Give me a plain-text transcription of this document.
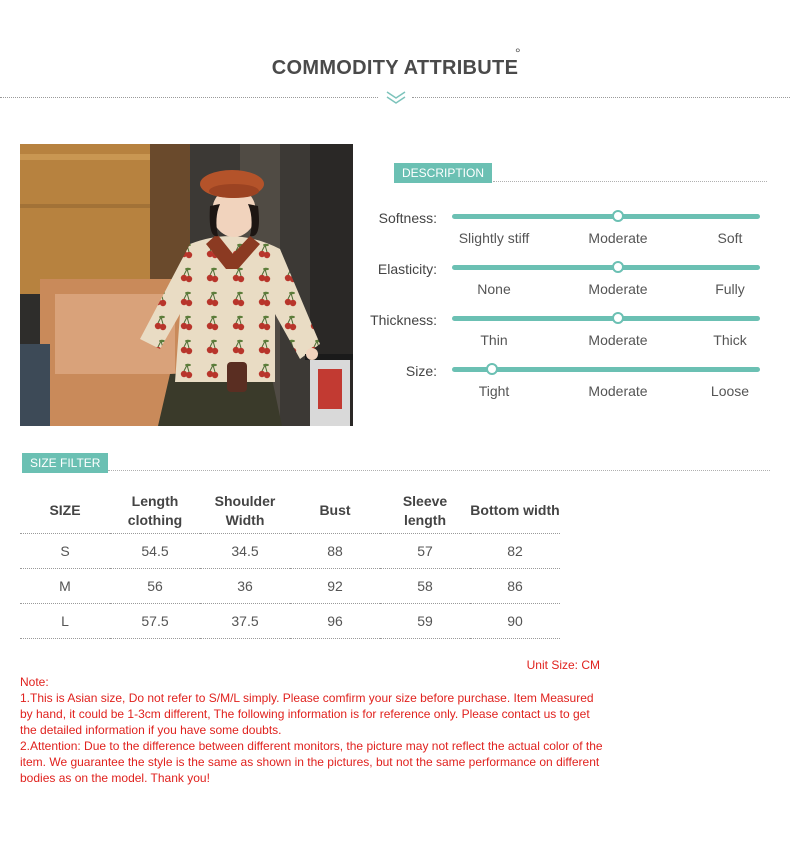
COMMODITY ATTRIBUTE
°
DESCRIPTION
Softness:
Slightly stiff	Moderate	Soft
Elasticity:
None	Moderate	Fully
Thickness:
Thin	Moderate	Thick
Size:
Tight	Moderate	Loose
SIZE FILTER
SIZE	Length clothing	Shoulder Width	Bust	Sleeve length	Bottom width
S	54.5	34.5	88	57	82
M	56	36	92	58	86
L	57.5	37.5	96	59	90
Unit Size: CM
Note:
1.This is Asian size, Do not refer to S/M/L simply. Please comfirm your size before purchase. Item Measured by hand, it could be 1-3cm different, The following information is for reference only. Please contact us to get the detailed information if you have some doubts.
2.Attention: Due to the difference between different monitors, the picture may not reflect the actual color of the item. We guarantee the style is the same as shown in the pictures, but not the same performance on different bodies as on the model. Thank you!
